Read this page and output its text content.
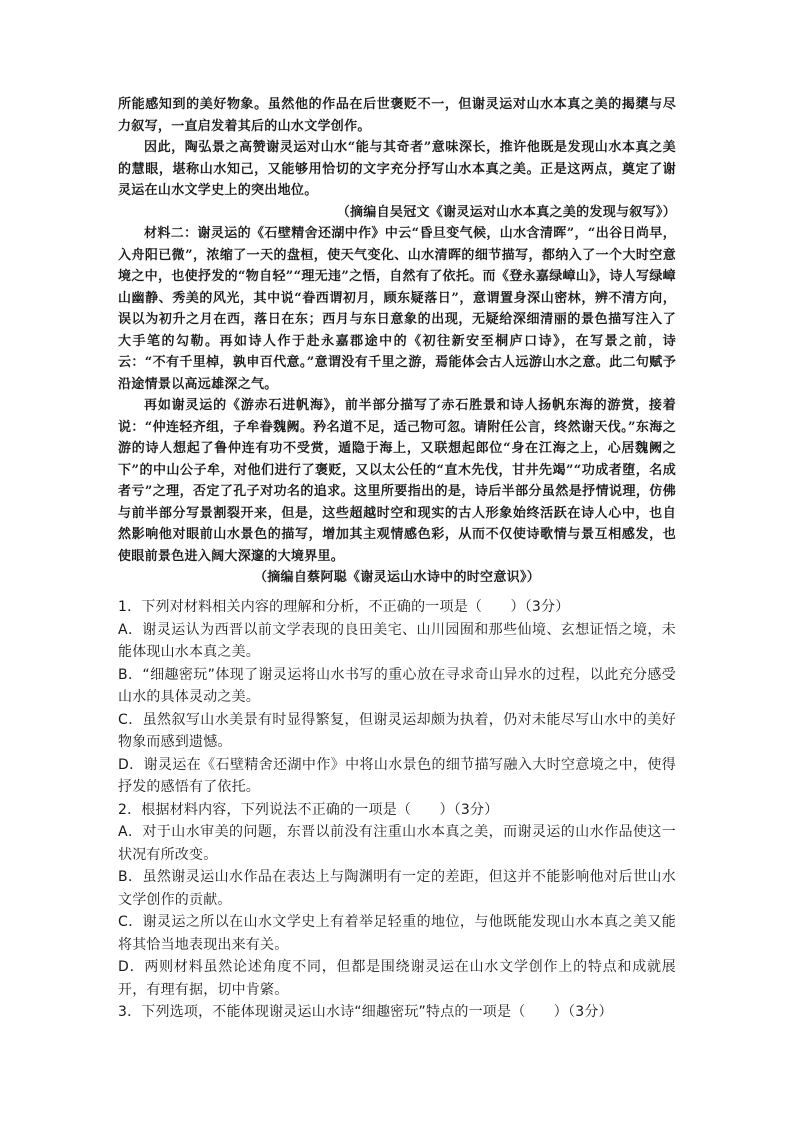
所能感知到的美好物象。虽然他的作品在后世褒贬不一，但谢灵运对山水本真之美的揭橥与尽力叙写，一直启发着其后的山水文学创作。

因此，陶弘景之高赞谢灵运对山水“能与其奇者”意味深长，推许他既是发现山水本真之美的慧眼，堪称山水知己，又能够用恰切的文字充分抒写山水本真之美。正是这两点，奠定了谢灵运在山水文学史上的突出地位。

（摘编自吴冠文《谢灵运对山水本真之美的发现与叙写》）

材料二：谢灵运的《石壁精舍还湖中作》中云“昏旦变气候，山水含清晖”，“出谷日尚早，入舟阳已微”，浓缩了一天的盘桓，使天气变化、山水清晖的细节描写，都纳入了一个大时空意境之中，也使抒发的“物自轻”“理无违”之悟，自然有了依托。而《登永嘉绿嶂山》，诗人写绿嶂山幽静、秀美的风光，其中说“眷西谓初月，顾东疑落日”，意谓置身深山密林，辨不清方向，误以为初升之月在西，落日在东；西月与东日意象的出现，无疑给深细清丽的景色描写注入了大手笔的勾勒。再如诗人作于赴永嘉郡途中的《初往新安至桐庐口诗》，在写景之前，诗云：“不有千里棹，孰申百代意。”意谓没有千里之游，焉能体会古人远游山水之意。此二句赋予沿途情景以高远雄深之气。

再如谢灵运的《游赤石进帆海》，前半部分描写了赤石胜景和诗人扬帆东海的游赏，接着说：“仲连轻齐组，子牟眷魏阙。矜名道不足，适己物可忽。请附任公言，终然谢天伐。”东海之游的诗人想起了鲁仲连有功不受赏，遁隐于海上，又联想起郎位“身在江海之上，心居魏阙之下”的中山公子牟，对他们进行了褒贬，又以太公任的“直木先伐，甘井先竭”“功成者堕，名成者亏”之理，否定了孔子对功名的追求。这里所要指出的是，诗后半部分虽然是抒情说理，仿佛与前半部分写景割裂开来，但是，这些超越时空和现实的古人形象始终活跃在诗人心中，也自然影响他对眼前山水景色的描写，增加其主观情感色彩，从而不仅使诗歌情与景互相感发，也使眼前景色进入阔大深邃的大境界里。

（摘编自蔡阿聪《谢灵运山水诗中的时空意识》）

1．下列对材料相关内容的理解和分析，不正确的一项是（　　）（3分）

A．谢灵运认为西晋以前文学表现的良田美宅、山川园囿和那些仙境、玄想证悟之境，未能体现山水本真之美。

B．“细趣密玩”体现了谢灵运将山水书写的重心放在寻求奇山异水的过程，以此充分感受山水的具体灵动之美。

C．虽然叙写山水美景有时显得繁复，但谢灵运却颇为执着，仍对未能尽写山水中的美好物象而感到遗憾。

D．谢灵运在《石壁精舍还湖中作》中将山水景色的细节描写融入大时空意境之中，使得抒发的感悟有了依托。

2．根据材料内容，下列说法不正确的一项是（　　）（3分）

A．对于山水审美的问题，东晋以前没有注重山水本真之美，而谢灵运的山水作品使这一状况有所改变。

B．虽然谢灵运山水作品在表达上与陶渊明有一定的差距，但这并不能影响他对后世山水文学创作的贡献。

C．谢灵运之所以在山水文学史上有着举足轻重的地位，与他既能发现山水本真之美又能将其恰当地表现出来有关。

D．两则材料虽然论述角度不同，但都是围绕谢灵运在山水文学创作上的特点和成就展开，有理有据，切中肯綮。

3．下列选项，不能体现谢灵运山水诗“细趣密玩”特点的一项是（　　）（3分）
